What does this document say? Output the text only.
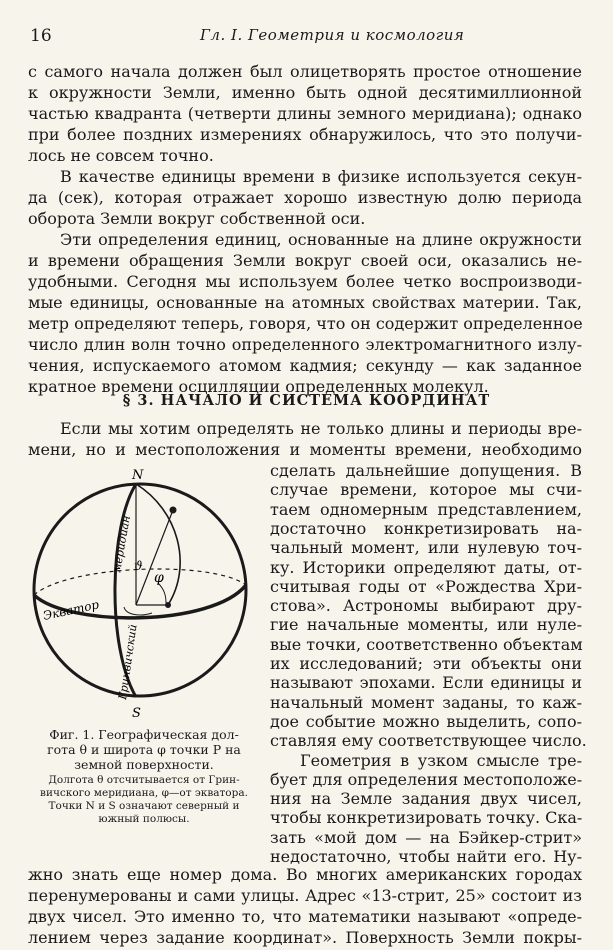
16	Гл. I. Геометрия и космология
с самого начала должен был олицетворять простое отношение
к окружности Земли, именно быть одной десятимиллионной
частью квадранта (четверти длины земного меридиана); однако
при более поздних измерениях обнаружилось, что это получи-
лось не совсем точно.
В качестве единицы времени в физике используется секун-
да (сек), которая отражает хорошо известную долю периода
оборота Земли вокруг собственной оси.
Эти определения единиц, основанные на длине окружности
и времени обращения Земли вокруг своей оси, оказались не-
удобными. Сегодня мы используем более четко воспроизводи-
мые единицы, основанные на атомных свойствах материи. Так,
метр определяют теперь, говоря, что он содержит определенное
число длин волн точно определенного электромагнитного излу-
чения, испускаемого атомом кадмия; секунду — как заданное
кратное времени осцилляции определенных молекул.
§ 3. НАЧАЛО И СИСТЕМА КООРДИНАТ
Если мы хотим определять не только длины и периоды вре-
мени, но и местоположения и моменты времени, необходимо
сделать дальнейшие допущения. В
случае времени, которое мы счи-
таем одномерным представлением,
достаточно конкретизировать на-
чальный момент, или нулевую точ-
ку. Историки определяют даты, от-
считывая годы от «Рождества Хри-
стова». Астрономы выбирают дру-
гие начальные моменты, или нуле-
вые точки, соответственно объектам
их исследований; эти объекты они
называют эпохами. Если единицы и
начальный момент заданы, то каж-
дое событие можно выделить, сопо-
ставляя ему соответствующее число.
Геометрия в узком смысле тре-
бует для определения местоположе-
ния на Земле задания двух чисел,
чтобы конкретизировать точку. Ска-
зать «мой дом — на Бэйкер-стрит»
недостаточно, чтобы найти его. Ну-
жно знать еще номер дома. Во многих американских городах
перенумерованы и сами улицы. Адрес «13-стрит, 25» состоит из
двух чисел. Это именно то, что математики называют «опреде-
лением через задание координат». Поверхность Земли покры-
N
S
ϑ
φ
меридиан
Экватор
Гринвичский
Фиг. 1. Географическая дол-
гота θ и широта φ точки P на
земной поверхности.
Долгота θ отсчитывается от Грин-
вичского меридиана, φ—от экватора.
Точки N и S означают северный и
южный полюсы.
